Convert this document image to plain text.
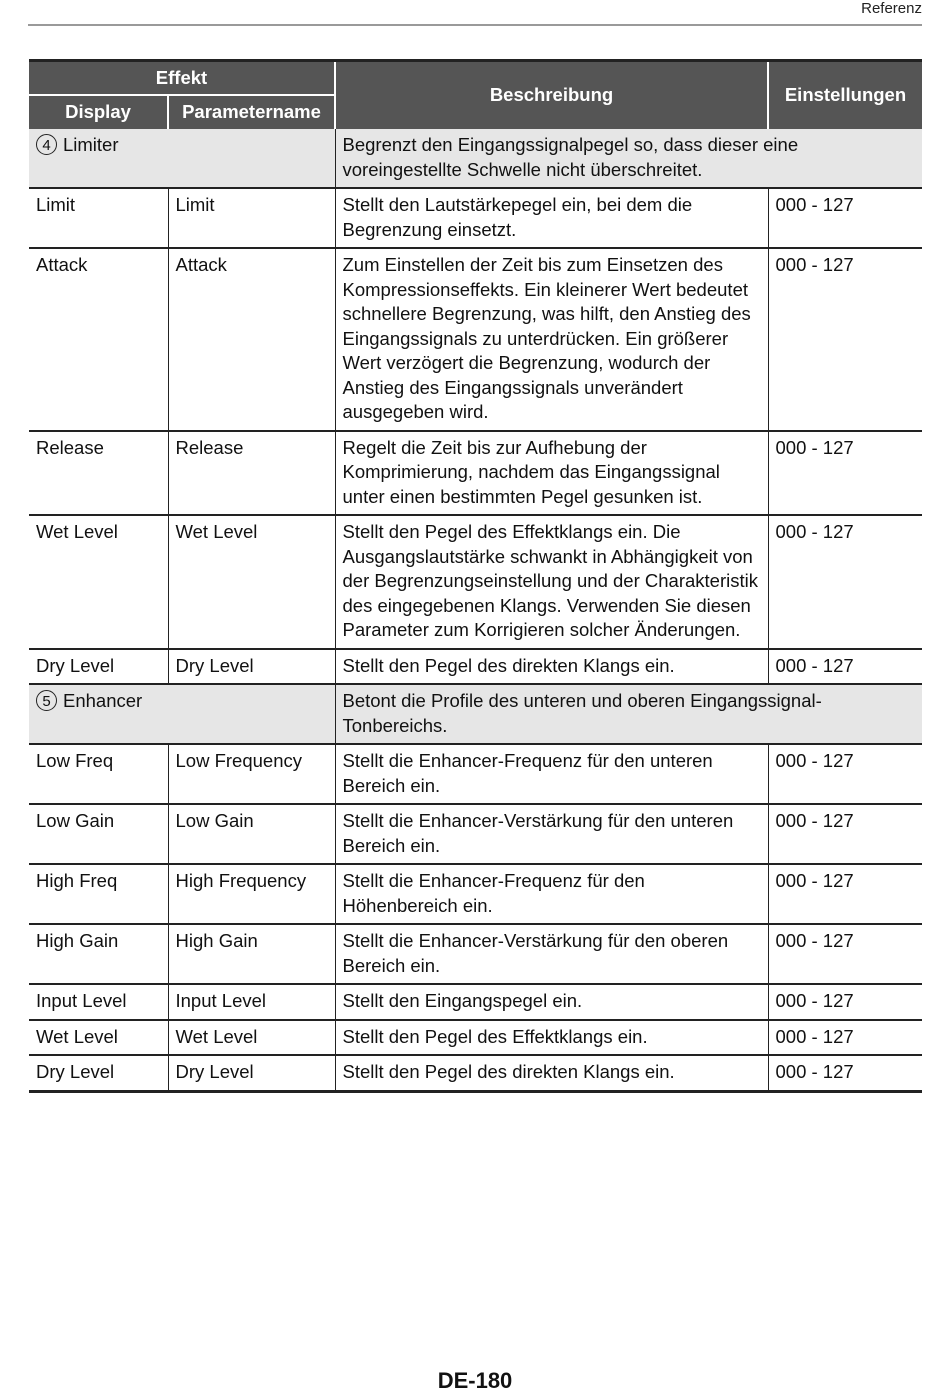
Referenz
Effekt		Beschreibung	Einstellungen
Display	Parametername		
4 Limiter		Begrenzt den Eingangssignalpegel so, dass dieser eine voreingestellte Schwelle nicht überschreitet.	
Limit	Limit	Stellt den Lautstärkepegel ein, bei dem die Begrenzung einsetzt.	000 - 127
Attack	Attack	Zum Einstellen der Zeit bis zum Einsetzen des Kompressionseffekts. Ein kleinerer Wert bedeutet schnellere Begrenzung, was hilft, den Anstieg des Eingangssignals zu unterdrücken. Ein größerer Wert verzögert die Begrenzung, wodurch der Anstieg des Eingangssignals unverändert ausgegeben wird.	000 - 127
Release	Release	Regelt die Zeit bis zur Aufhebung der Komprimierung, nachdem das Eingangssignal unter einen bestimmten Pegel gesunken ist.	000 - 127
Wet Level	Wet Level	Stellt den Pegel des Effektklangs ein. Die Ausgangslautstärke schwankt in Abhängigkeit von der Begrenzungseinstellung und der Charakteristik des eingegebenen Klangs. Verwenden Sie diesen Parameter zum Korrigieren solcher Änderungen.	000 - 127
Dry Level	Dry Level	Stellt den Pegel des direkten Klangs ein.	000 - 127
5 Enhancer		Betont die Profile des unteren und oberen Eingangssignal-Tonbereichs.	
Low Freq	Low Frequency	Stellt die Enhancer-Frequenz für den unteren Bereich ein.	000 - 127
Low Gain	Low Gain	Stellt die Enhancer-Verstärkung für den unteren Bereich ein.	000 - 127
High Freq	High Frequency	Stellt die Enhancer-Frequenz für den Höhenbereich ein.	000 - 127
High Gain	High Gain	Stellt die Enhancer-Verstärkung für den oberen Bereich ein.	000 - 127
Input Level	Input Level	Stellt den Eingangspegel ein.	000 - 127
Wet Level	Wet Level	Stellt den Pegel des Effektklangs ein.	000 - 127
Dry Level	Dry Level	Stellt den Pegel des direkten Klangs ein.	000 - 127
DE-180
